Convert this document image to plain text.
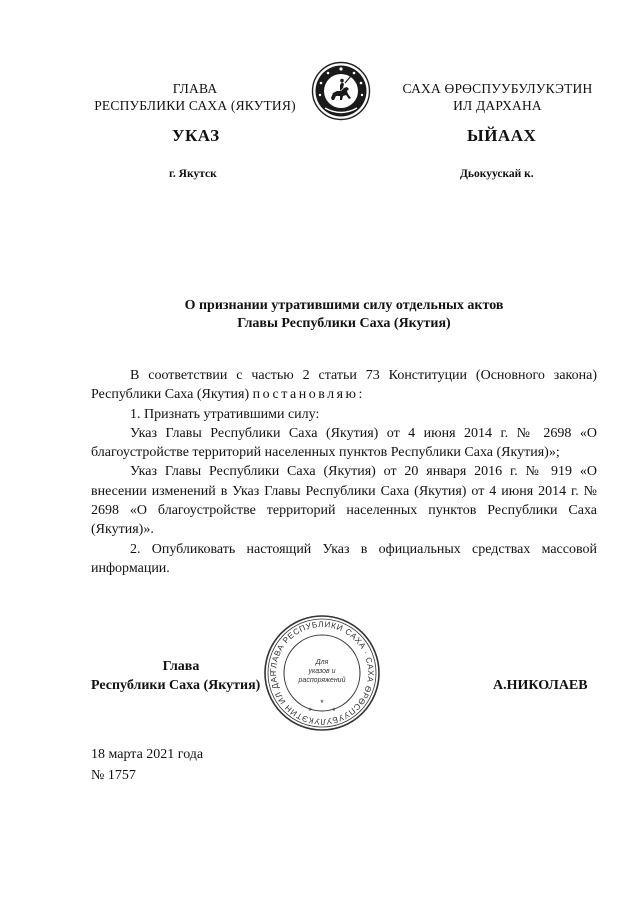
ГЛАВА
РЕСПУБЛИКИ САХА (ЯКУТИЯ)
САХА ӨРӨСПУУБУЛУКЭТИН
ИЛ ДАРХАНА
УКАЗ	ЫЙААХ
г. Якутск	Дьокуускай к.
О признании утратившими силу отдельных актов
Главы Республики Саха (Якутия)

В соответствии с частью 2 статьи 73 Конституции (Основного закона) Республики Саха (Якутия) постановляю:

1. Признать утратившими силу:

Указ Главы Республики Саха (Якутия) от 4 июня 2014 г. № 2698 «О благоустройстве территорий населенных пунктов Республики Саха (Якутия)»;

Указ Главы Республики Саха (Якутия) от 20 января 2016 г. № 919 «О внесении изменений в Указ Главы Республики Саха (Якутия) от 4 июня 2014 г. № 2698 «О благоустройстве территорий населенных пунктов Республики Саха (Якутия)».

2. Опубликовать настоящий Указ в официальных средствах массовой информации.

ГЛАВА РЕСПУБЛИКИ САХА · САХА ӨРӨСПУУБУЛУКЭТИН ИЛ ДАР
Для
указов и
распоряжений
*
* *
Глава
Республики Саха (Якутия)	А.НИКОЛАЕВ
18 марта 2021 года
№ 1757
